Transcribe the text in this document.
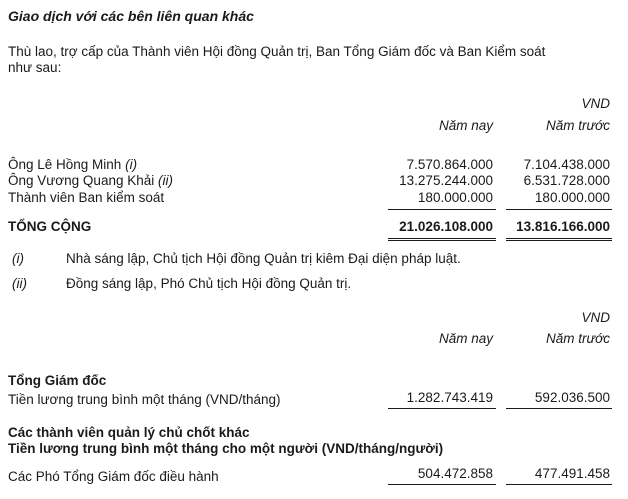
Giao dịch với các bên liên quan khác
Thù lao, trợ cấp của Thành viên Hội đồng Quản trị, Ban Tổng Giám đốc và Ban Kiểm soát
như sau:
VND
Năm nay	Năm trước
Ông Lê Hồng Minh (i)	7.570.864.000 7.104.438.000
Ông Vương Quang Khải (ii)	13.275.244.000 6.531.728.000
Thành viên Ban kiểm soát	180.000.000	180.000.000
TỔNG CỘNG	21.026.108.000 13.816.166.000
(i)	Nhà sáng lập, Chủ tịch Hội đồng Quản trị kiêm Đại diện pháp luật.
(ii)	Đồng sáng lập, Phó Chủ tịch Hội đồng Quản trị.
VND
Năm nay	Năm trước
Tổng Giám đốc
Tiền lương trung bình một tháng (VND/tháng)	1.282.743.419	592.036.500
Các thành viên quản lý chủ chốt khác
Tiền lương trung bình một tháng cho một người (VND/tháng/người)
Các Phó Tổng Giám đốc điều hành	504.472.858	477.491.458
